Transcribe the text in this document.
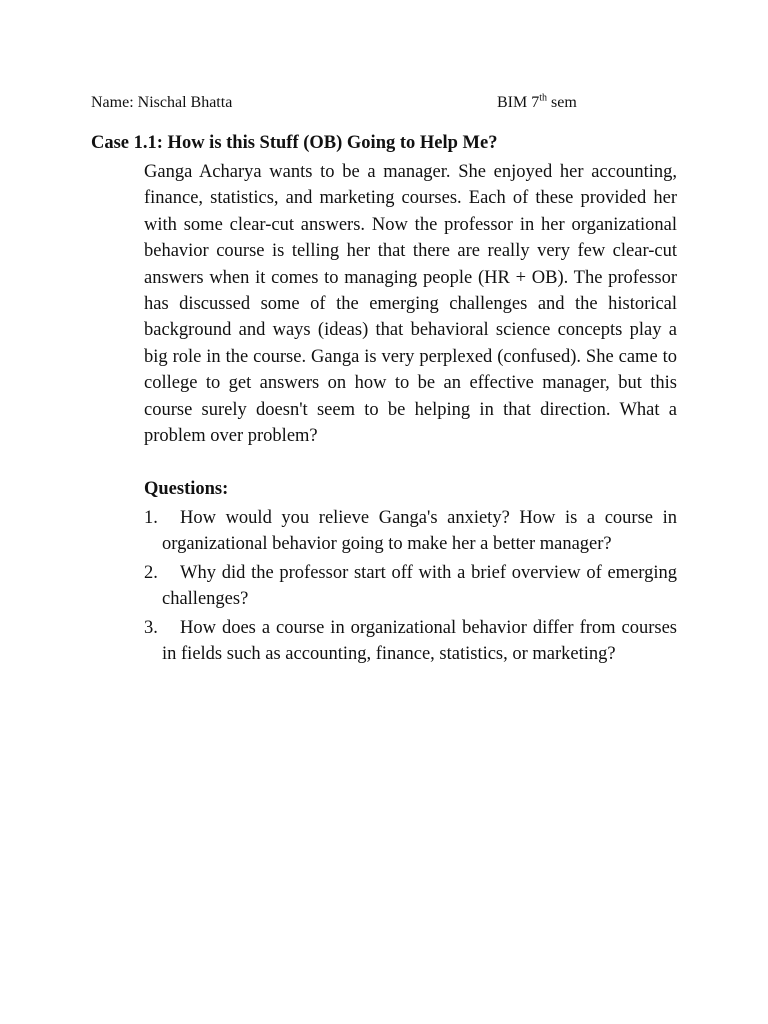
Name: Nischal Bhatta	BIM 7th sem
Case 1.1: How is this Stuff (OB) Going to Help Me?

Ganga Acharya wants to be a manager. She enjoyed her accounting, finance, statistics, and marketing courses. Each of these provided her with some clear-cut answers. Now the professor in her organizational behavior course is telling her that there are really very few clear-cut answers when it comes to managing people (HR + OB). The professor has discussed some of the emerging challenges and the historical background and ways (ideas) that behavioral science concepts play a big role in the course. Ganga is very perplexed (confused). She came to college to get answers on how to be an effective manager, but this course surely doesn't seem to be helping in that direction. What a problem over problem?

Questions:
1.	How would you relieve Ganga's anxiety? How is a course in organizational behavior going to make her a better manager?
2.	Why did the professor start off with a brief overview of emerging challenges?
3.	How does a course in organizational behavior differ from courses in fields such as accounting, finance, statistics, or marketing?
